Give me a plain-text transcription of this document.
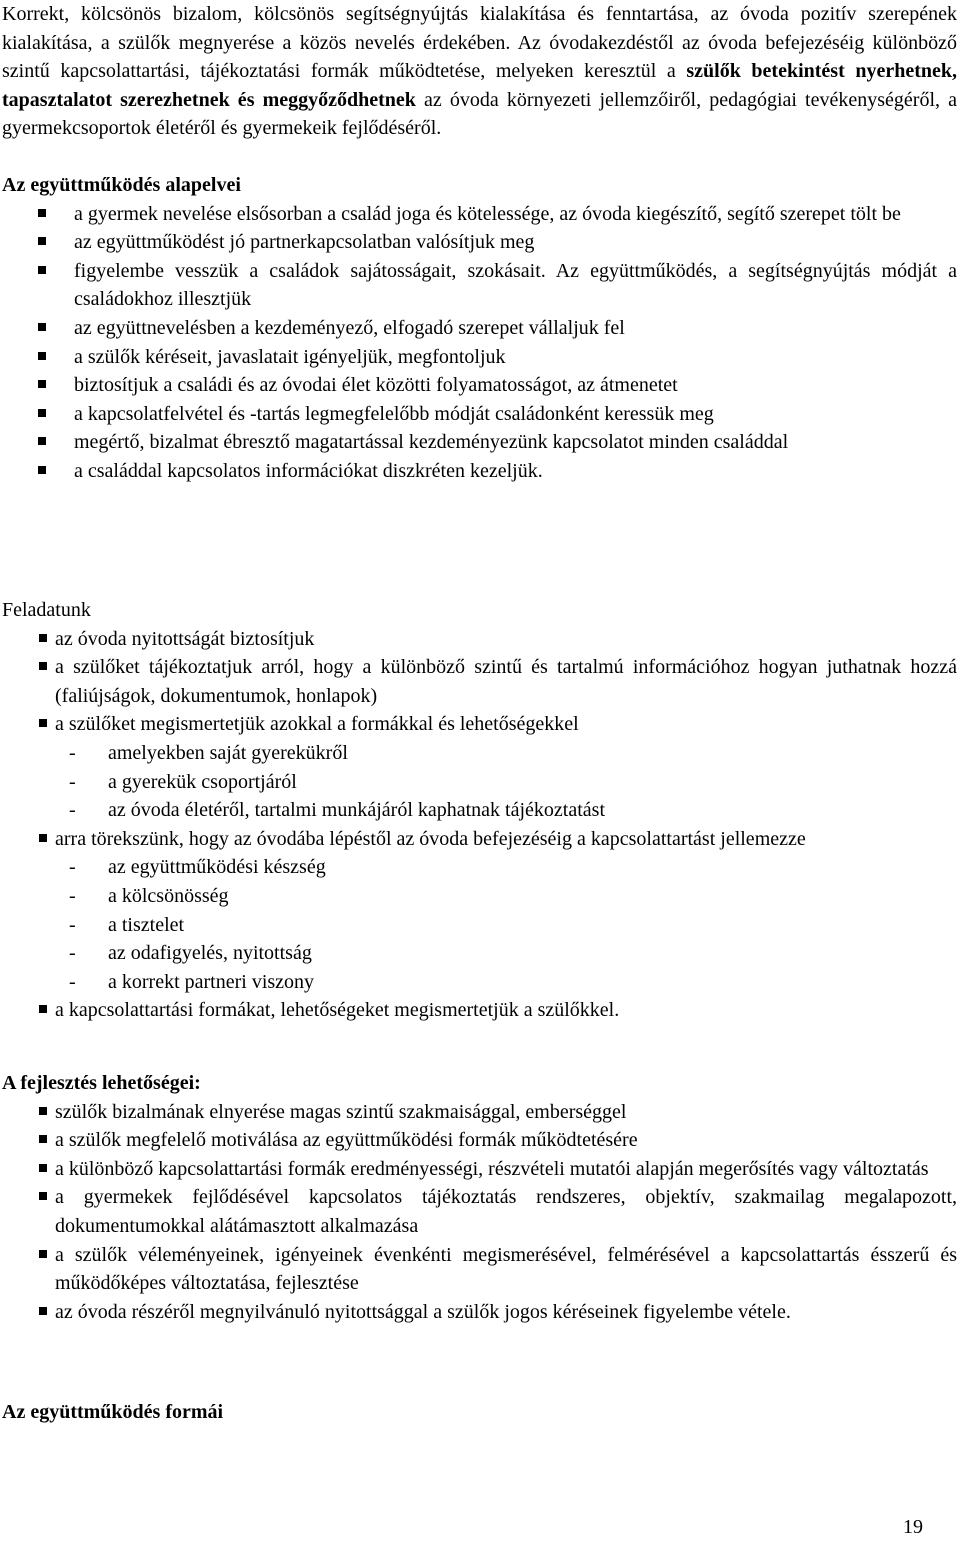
Korrekt, kölcsönös bizalom, kölcsönös segítségnyújtás kialakítása és fenntartása, az óvoda pozitív szerepének kialakítása, a szülők megnyerése a közös nevelés érdekében. Az óvodakezdéstől az óvoda befejezéséig különböző szintű kapcsolattartási, tájékoztatási formák működtetése, melyeken keresztül a szülők betekintést nyerhetnek, tapasztalatot szerezhetnek és meggyőződhetnek az óvoda környezeti jellemzőiről, pedagógiai tevékenységéről, a gyermekcsoportok életéről és gyermekeik fejlődéséről.

Az együttműködés alapelvei

a gyermek nevelése elsősorban a család joga és kötelessége, az óvoda kiegészítő, segítő szerepet tölt be
az együttműködést jó partnerkapcsolatban valósítjuk meg
figyelembe vesszük a családok sajátosságait, szokásait. Az együttműködés, a segítségnyújtás módját a családokhoz illesztjük
az együttnevelésben a kezdeményező, elfogadó szerepet vállaljuk fel
a szülők kéréseit, javaslatait igényeljük, megfontoljuk
biztosítjuk a családi és az óvodai élet közötti folyamatosságot, az átmenetet
a kapcsolatfelvétel és -tartás legmegfelelőbb módját családonként keressük meg
megértő, bizalmat ébresztő magatartással kezdeményezünk kapcsolatot minden családdal
a családdal kapcsolatos információkat diszkréten kezeljük.

Feladatunk

az óvoda nyitottságát biztosítjuk
a szülőket tájékoztatjuk arról, hogy a különböző szintű és tartalmú információhoz hogyan juthatnak hozzá (faliújságok, dokumentumok, honlapok)
a szülőket megismertetjük azokkal a formákkal és lehetőségekkel
- amelyekben saját gyerekükről
- a gyerekük csoportjáról
- az óvoda életéről, tartalmi munkájáról kaphatnak tájékoztatást
arra törekszünk, hogy az óvodába lépéstől az óvoda befejezéséig a kapcsolattartást jellemezze
- az együttműködési készség
- a kölcsönösség
- a tisztelet
- az odafigyelés, nyitottság
- a korrekt partneri viszony
a kapcsolattartási formákat, lehetőségeket megismertetjük a szülőkkel.

A fejlesztés lehetőségei:

szülők bizalmának elnyerése magas szintű szakmaisággal, emberséggel
a szülők megfelelő motiválása az együttműködési formák működtetésére
a különböző kapcsolattartási formák eredményességi, részvételi mutatói alapján megerősítés vagy változtatás
a gyermekek fejlődésével kapcsolatos tájékoztatás rendszeres, objektív, szakmailag megalapozott, dokumentumokkal alátámasztott alkalmazása
a szülők véleményeinek, igényeinek évenkénti megismerésével, felmérésével a kapcsolattartás ésszerű és működőképes változtatása, fejlesztése
az óvoda részéről megnyilvánuló nyitottsággal a szülők jogos kéréseinek figyelembe vétele.

Az együttműködés formái

19
